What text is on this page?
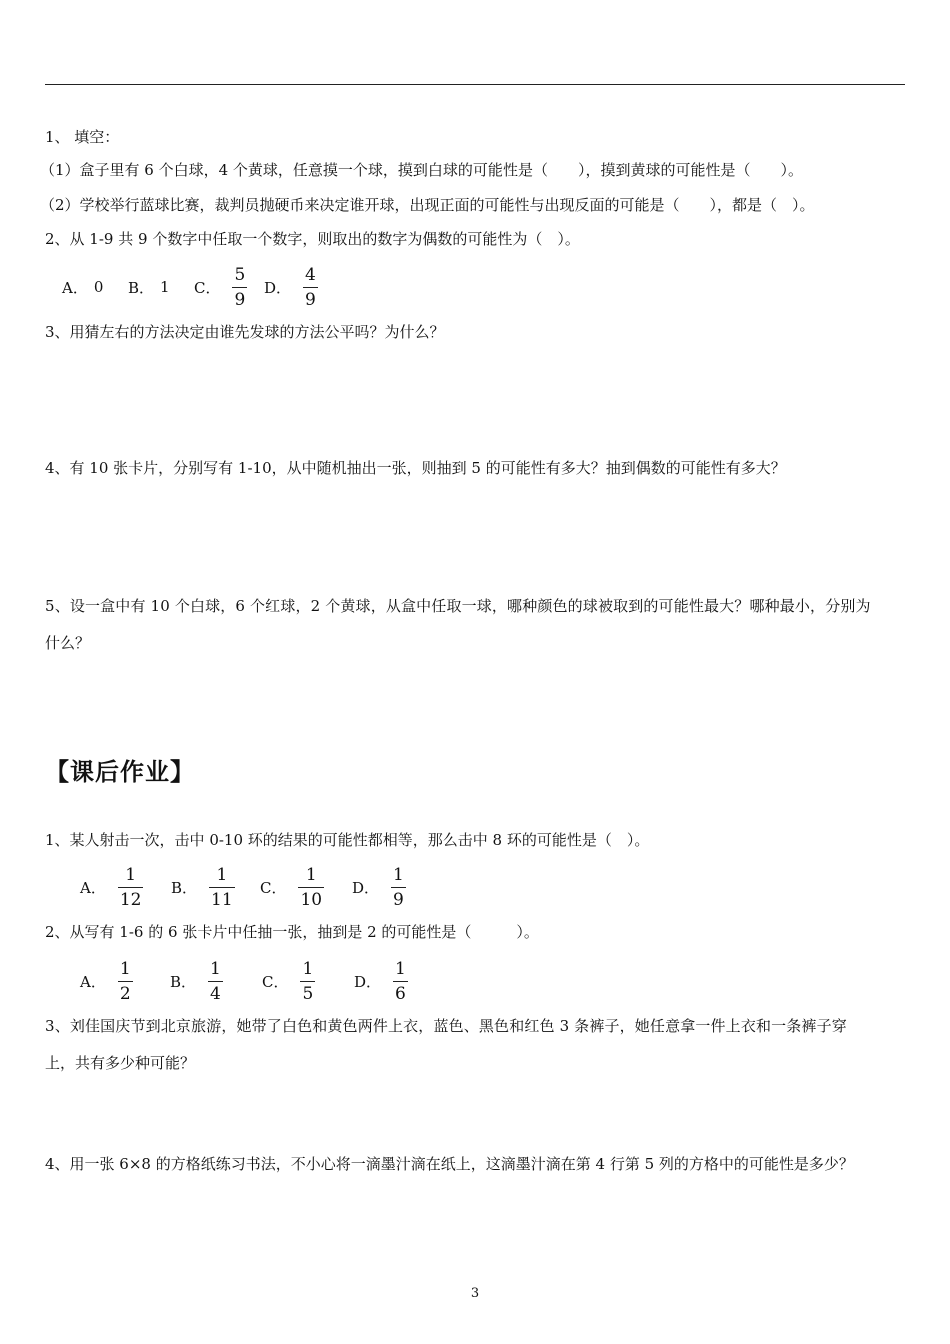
1、 填空：
（1）盒子里有 6 个白球，4 个黄球，任意摸一个球，摸到白球的可能性是（　　），摸到黄球的可能性是（　　）。
（2）学校举行蓝球比赛，裁判员抛硬币来决定谁开球，出现正面的可能性与出现反面的可能是（　　），都是（　）。
2、从 1-9 共 9 个数字中任取一个数字，则取出的数字为偶数的可能性为（　）。
A． 0 B． 1 C． $\frac{5}{9}$ D． $\frac{4}{9}$
3、用猜左右的方法决定由谁先发球的方法公平吗？为什么？
4、有 10 张卡片，分别写有 1-10，从中随机抽出一张，则抽到 5 的可能性有多大？抽到偶数的可能性有多大？
5、设一盒中有 10 个白球，6 个红球，2 个黄球，从盒中任取一球，哪种颜色的球被取到的可能性最大？哪种最小，分别为
什么？
【课后作业】
1、某人射击一次，击中 0-10 环的结果的可能性都相等，那么击中 8 环的可能性是（　）。
A． $\frac{1}{12}$ B． $\frac{1}{11}$ C． $\frac{1}{10}$ D． $\frac{1}{9}$
2、从写有 1-6 的 6 张卡片中任抽一张，抽到是 2 的可能性是（　　　）。
A． $\frac{1}{2}$ B． $\frac{1}{4}$	C． $\frac{1}{5}$	D． $\frac{1}{6}$
3、刘佳国庆节到北京旅游，她带了白色和黄色两件上衣，蓝色、黑色和红色 3 条裤子，她任意拿一件上衣和一条裤子穿
上，共有多少种可能？
4、用一张 6×8 的方格纸练习书法，不小心将一滴墨汁滴在纸上，这滴墨汁滴在第 4 行第 5 列的方格中的可能性是多少？
3
